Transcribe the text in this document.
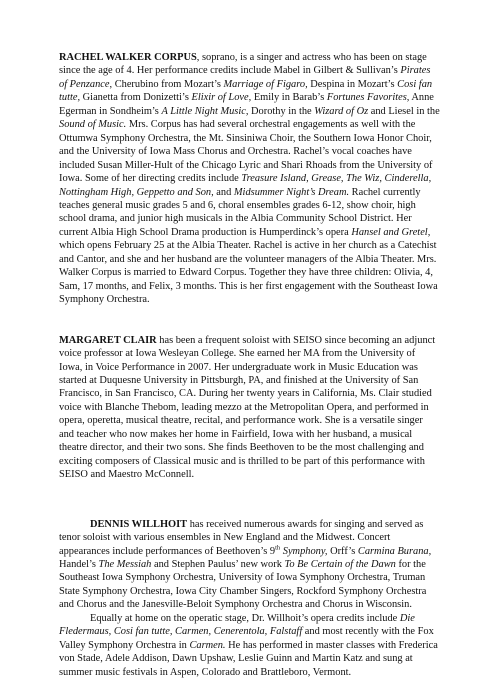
RACHEL WALKER CORPUS, soprano, is a singer and actress who has been on stage since the age of 4. Her performance credits include Mabel in Gilbert & Sullivan’s Pirates of Penzance, Cherubino from Mozart’s Marriage of Figaro, Despina in Mozart’s Cosi fan tutte, Gianetta from Donizetti’s Elixir of Love, Emily in Barab’s Fortunes Favorites, Anne Egerman in Sondheim’s A Little Night Music, Dorothy in the Wizard of Oz and Liesel in the Sound of Music. Mrs. Corpus has had several orchestral engagements as well with the Ottumwa Symphony Orchestra, the Mt. Sinsiniwa Choir, the Southern Iowa Honor Choir, and the University of Iowa Mass Chorus and Orchestra. Rachel’s vocal coaches have included Susan Miller-Hult of the Chicago Lyric and Shari Rhoads from the University of Iowa. Some of her directing credits include Treasure Island, Grease, The Wiz, Cinderella, Nottingham High, Geppetto and Son, and Midsummer Night’s Dream. Rachel currently teaches general music grades 5 and 6, choral ensembles grades 6-12, show choir, high school drama, and junior high musicals in the Albia Community School District. Her current Albia High School Drama production is Humperdinck’s opera Hansel and Gretel, which opens February 25 at the Albia Theater. Rachel is active in her church as a Catechist and Cantor, and she and her husband are the volunteer managers of the Albia Theater. Mrs. Walker Corpus is married to Edward Corpus. Together they have three children: Olivia, 4, Sam, 17 months, and Felix, 3 months. This is her first engagement with the Southeast Iowa Symphony Orchestra.

MARGARET CLAIR has been a frequent soloist with SEISO since becoming an adjunct voice professor at Iowa Wesleyan College. She earned her MA from the University of Iowa, in Voice Performance in 2007. Her undergraduate work in Music Education was started at Duquesne University in Pittsburgh, PA, and finished at the University of San Francisco, in San Francisco, CA. During her twenty years in California, Ms. Clair studied voice with Blanche Thebom, leading mezzo at the Metropolitan Opera, and performed in opera, operetta, musical theatre, recital, and performance work. She is a versatile singer and teacher who now makes her home in Fairfield, Iowa with her husband, a musical theatre director, and their two sons. She finds Beethoven to be the most challenging and exciting composers of Classical music and is thrilled to be part of this performance with SEISO and Maestro McConnell.

DENNIS WILLHOIT has received numerous awards for singing and served as tenor soloist with various ensembles in New England and the Midwest. Concert appearances include performances of Beethoven’s 9th Symphony, Orff’s Carmina Burana, Handel’s The Messiah and Stephen Paulus’ new work To Be Certain of the Dawn for the Southeast Iowa Symphony Orchestra, University of Iowa Symphony Orchestra, Truman State Symphony Orchestra, Iowa City Chamber Singers, Rockford Symphony Orchestra and Chorus and the Janesville-Beloit Symphony Orchestra and Chorus in Wisconsin.

Equally at home on the operatic stage, Dr. Willhoit’s opera credits include Die Fledermaus, Cosi fan tutte, Carmen, Cenerentola, Falstaff and most recently with the Fox Valley Symphony Orchestra in Carmen. He has performed in master classes with Frederica von Stade, Adele Addison, Dawn Upshaw, Leslie Guinn and Martin Katz and sung at summer music festivals in Aspen, Colorado and Brattleboro, Vermont.
